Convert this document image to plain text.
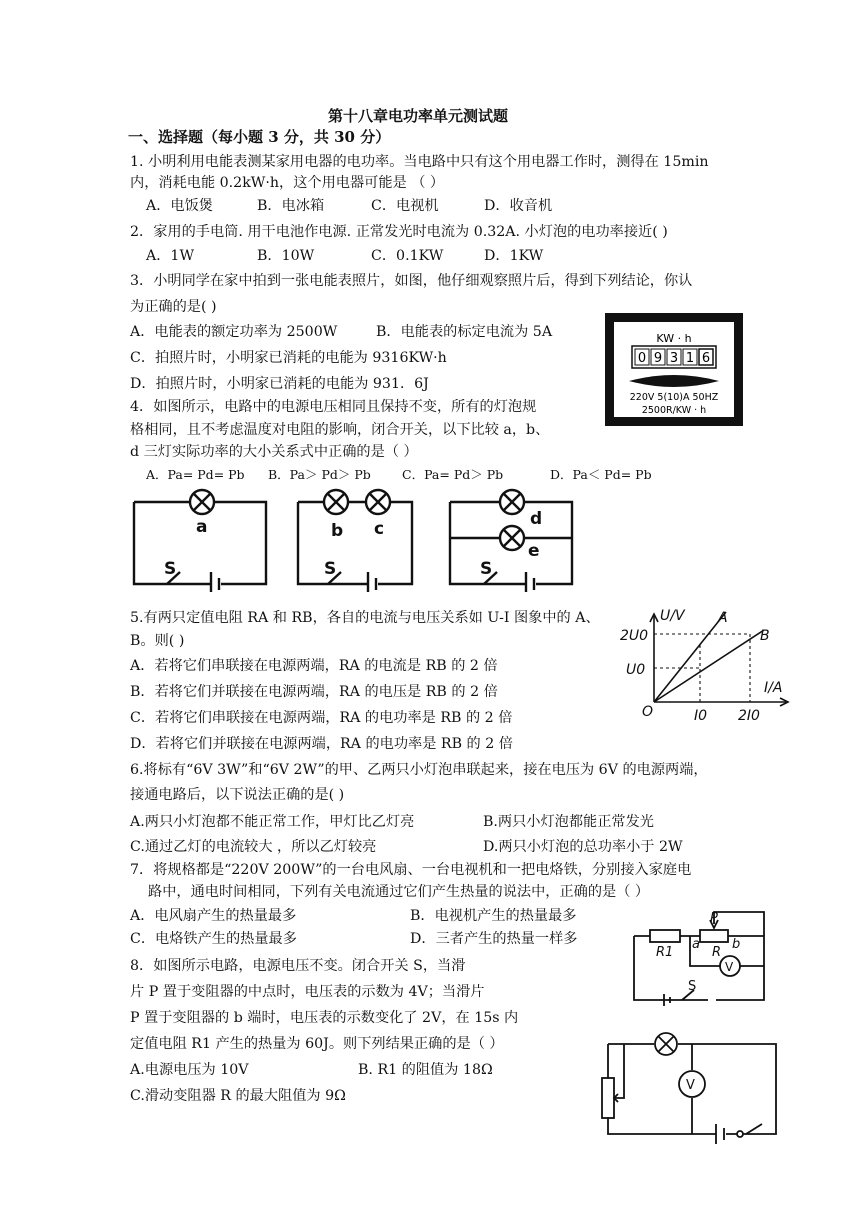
第十八章电功率单元测试题
一、选择题（每小题 3 分，共 30 分）
1. 小明利用电能表测某家用电器的电功率。当电路中只有这个用电器工作时，测得在 15min
内，消耗电能 0.2kW·h，这个用电器可能是 （ ）
A．电饭煲	B．电冰箱	C．电视机	D．收音机
2．家用的手电筒. 用干电池作电源. 正常发光时电流为 0.32A. 小灯泡的电功率接近( )
A．1W	B．10W	C．0.1KW	D．1KW
3．小明同学在家中拍到一张电能表照片，如图，他仔细观察照片后，得到下列结论，你认
为正确的是( )
A．电能表的额定功率为 2500W	B．电能表的标定电流为 5A
C．拍照片时，小明家已消耗的电能为 9316KW·h
D．拍照片时，小明家已消耗的电能为 931．6J
KW · h
0 9 3 1 6
220V 5(10)A 50HZ
2500R/KW · h
4．如图所示，电路中的电源电压相同且保持不变，所有的灯泡规
格相同，且不考虑温度对电阻的影响，闭合开关，以下比较 a，b、
d 三灯实际功率的大小关系式中正确的是（ ）
A．Pa= Pd= Pb B．Pa＞ Pd＞ Pb C．Pa= Pd＞ Pb	D．Pa＜ Pd= Pb
a	b c	d
e
S	S	S
5.有两只定值电阻 RA 和 RB，各自的电流与电压关系如 U-I 图象中的 A、
B。则( )
A．若将它们串联接在电源两端，RA 的电流是 RB 的 2 倍
B．若将它们并联接在电源两端，RA 的电压是 RB 的 2 倍
C．若将它们串联接在电源两端，RA 的电功率是 RB 的 2 倍
D．若将它们并联接在电源两端，RA 的电功率是 RB 的 2 倍
U/V
I/A
O
2U0
U0
I0 2I0
A
B
6.将标有“6V 3W”和“6V 2W”的甲、乙两只小灯泡串联起来，接在电压为 6V 的电源两端，
接通电路后，以下说法正确的是( )
A.两只小灯泡都不能正常工作，甲灯比乙灯亮	B.两只小灯泡都能正常发光
C.通过乙灯的电流较大 ，所以乙灯较亮	D.两只小灯泡的总功率小于 2W
7．将规格都是“220V 200W”的一台电风扇、一台电视机和一把电烙铁，分别接入家庭电
路中，通电时间相同，下列有关电流通过它们产生热量的说法中，正确的是（ ）
A．电风扇产生的热量最多	B．电视机产生的热量最多
C．电烙铁产生的热量最多	D．三者产生的热量一样多
P
R1	R
a b
V
S
8．如图所示电路，电源电压不变。闭合开关 S，当滑
片 P 置于变阻器的中点时，电压表的示数为 4V；当滑片
P 置于变阻器的 b 端时，电压表的示数变化了 2V，在 15s 内
定值电阻 R1 产生的热量为 60J。则下列结果正确的是（ ）
A.电源电压为 10V	B. R1 的阻值为 18Ω
C.滑动变阻器 R 的最大阻值为 9Ω
V
